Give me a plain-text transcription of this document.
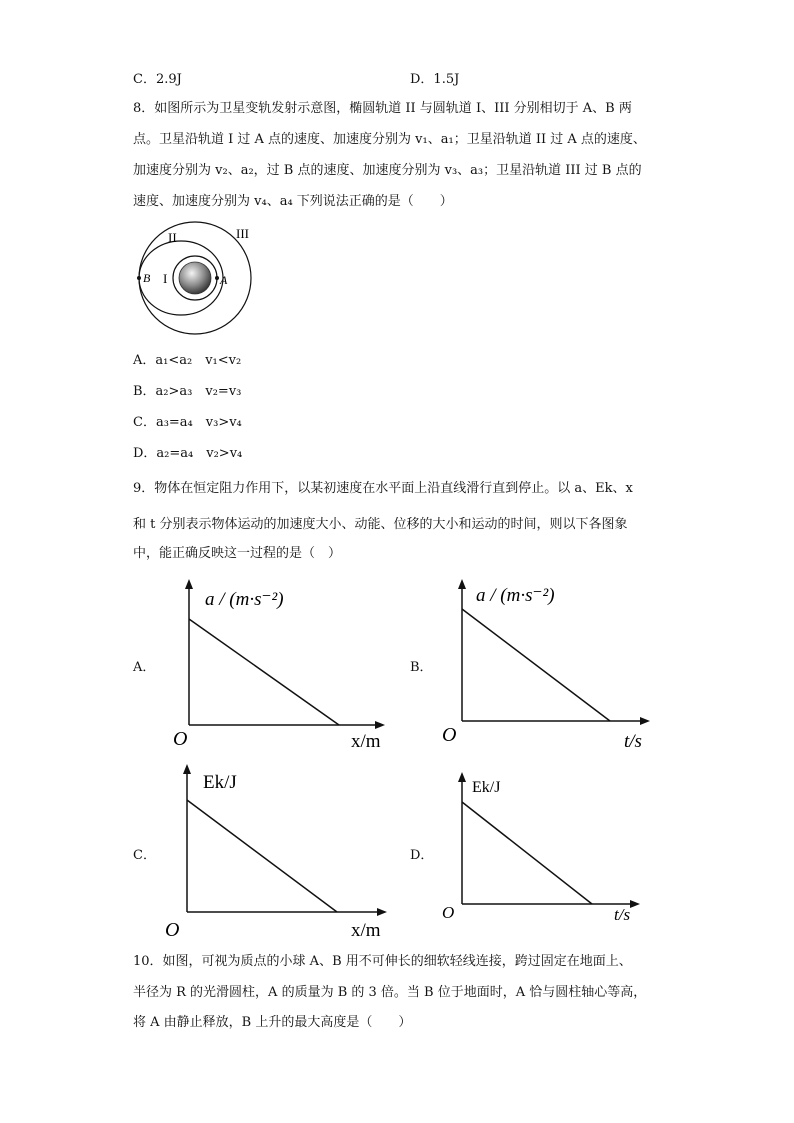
C．2.9J	D．1.5J
8．如图所示为卫星变轨发射示意图，椭圆轨道 II 与圆轨道 I、III 分别相切于 A、B 两
点。卫星沿轨道 I 过 A 点的速度、加速度分别为 v₁、a₁；卫星沿轨道 II 过 A 点的速度、
加速度分别为 v₂、a₂，过 B 点的速度、加速度分别为 v₃、a₃；卫星沿轨道 III 过 B 点的
速度、加速度分别为 v₄、a₄ 下列说法正确的是（　　）
II	III
I	A
B
A．a₁<a₂　v₁<v₂
B．a₂>a₃　v₂=v₃
C．a₃=a₄　v₃>v₄
D．a₂=a₄　v₂>v₄
9．物体在恒定阻力作用下，以某初速度在水平面上沿直线滑行直到停止。以 a、Ek、x
和 t 分别表示物体运动的加速度大小、动能、位移的大小和运动的时间，则以下各图象
中，能正确反映这一过程的是（　）
A．	B．
C．	D．
O
a / (m·s⁻²)
x/m	O
a / (m·s⁻²)
t/s
O
Ek/J
x/m
O
Ek/J
t/s
10．如图，可视为质点的小球 A、B 用不可伸长的细软轻线连接，跨过固定在地面上、
半径为 R 的光滑圆柱，A 的质量为 B 的 3 倍。当 B 位于地面时，A 恰与圆柱轴心等高，
将 A 由静止释放，B 上升的最大高度是（　　）
